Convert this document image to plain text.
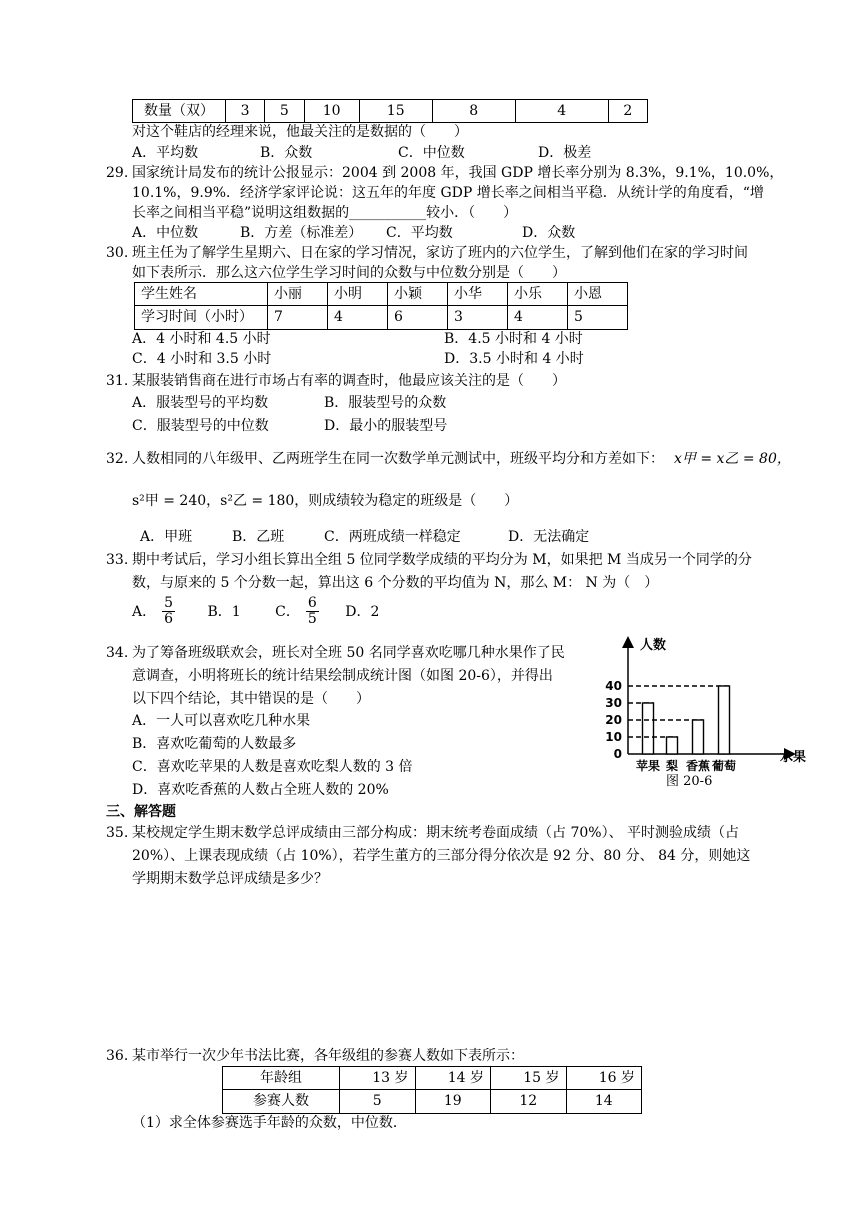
数量（双）	3	5	10	15	8	4	2
对这个鞋店的经理来说，他最关注的是数据的（　　）
A．平均数	B．众数	C．中位数	D．极差
29. 国家统计局发布的统计公报显示：2004 到 2008 年，我国 GDP 增长率分别为 8.3%，9.1%，10.0%，
10.1%，9.9%．经济学家评论说：这五年的年度 GDP 增长率之间相当平稳．从统计学的角度看，“增
长率之间相当平稳”说明这组数据的___________较小．（　　）
A．中位数	B．方差（标准差） C．平均数	D．众数
30. 班主任为了解学生星期六、日在家的学习情况，家访了班内的六位学生，了解到他们在家的学习时间
如下表所示．那么这六位学生学习时间的众数与中位数分别是（　　）
学生姓名	小丽	小明	小颖	小华	小乐	小恩
学习时间（小时）	7	4	6	3	4	5
A．4 小时和 4.5 小时	B．4.5 小时和 4 小时
C．4 小时和 3.5 小时	D．3.5 小时和 4 小时
31. 某服装销售商在进行市场占有率的调查时，他最应该关注的是（　　）
A．服装型号的平均数	B．服装型号的众数
C．服装型号的中位数	D．最小的服装型号
32. 人数相同的八年级甲、乙两班学生在同一次数学单元测试中，班级平均分和方差如下： x甲 = x乙 = 80，
s²甲 = 240，s²乙 = 180，则成绩较为稳定的班级是（　　）
A．甲班	B．乙班	C．两班成绩一样稳定	D．无法确定
33. 期中考试后，学习小组长算出全组 5 位同学数学成绩的平均分为 M，如果把 M 当成另一个同学的分
数，与原来的 5 个分数一起，算出这 6 个分数的平均值为 N，那么 M： N 为（　）
A． $\frac{5}{6}$ B．1 C． $\frac{6}{5}$ D．2
34. 为了筹备班级联欢会，班长对全班 50 名同学喜欢吃哪几种水果作了民
意调查，小明将班长的统计结果绘制成统计图（如图 20-6），并得出
以下四个结论，其中错误的是（　　）
A．一人可以喜欢吃几种水果
B．喜欢吃葡萄的人数最多
C．喜欢吃苹果的人数是喜欢吃梨人数的 3 倍
D．喜欢吃香蕉的人数占全班人数的 20%
0
10
20
30
40
苹果 梨 香蕉 葡萄
人数
水果
图 20-6
三、解答题
35. 某校规定学生期末数学总评成绩由三部分构成：期末统考卷面成绩（占 70%）、 平时测验成绩（占
20%）、上课表现成绩（占 10%），若学生董方的三部分得分依次是 92 分、80 分、 84 分，则她这
学期期末数学总评成绩是多少？
36. 某市举行一次少年书法比赛，各年级组的参赛人数如下表所示：
年龄组	13 岁	14 岁	15 岁	16 岁
参赛人数	5	19	12	14
（1）求全体参赛选手年龄的众数，中位数．
